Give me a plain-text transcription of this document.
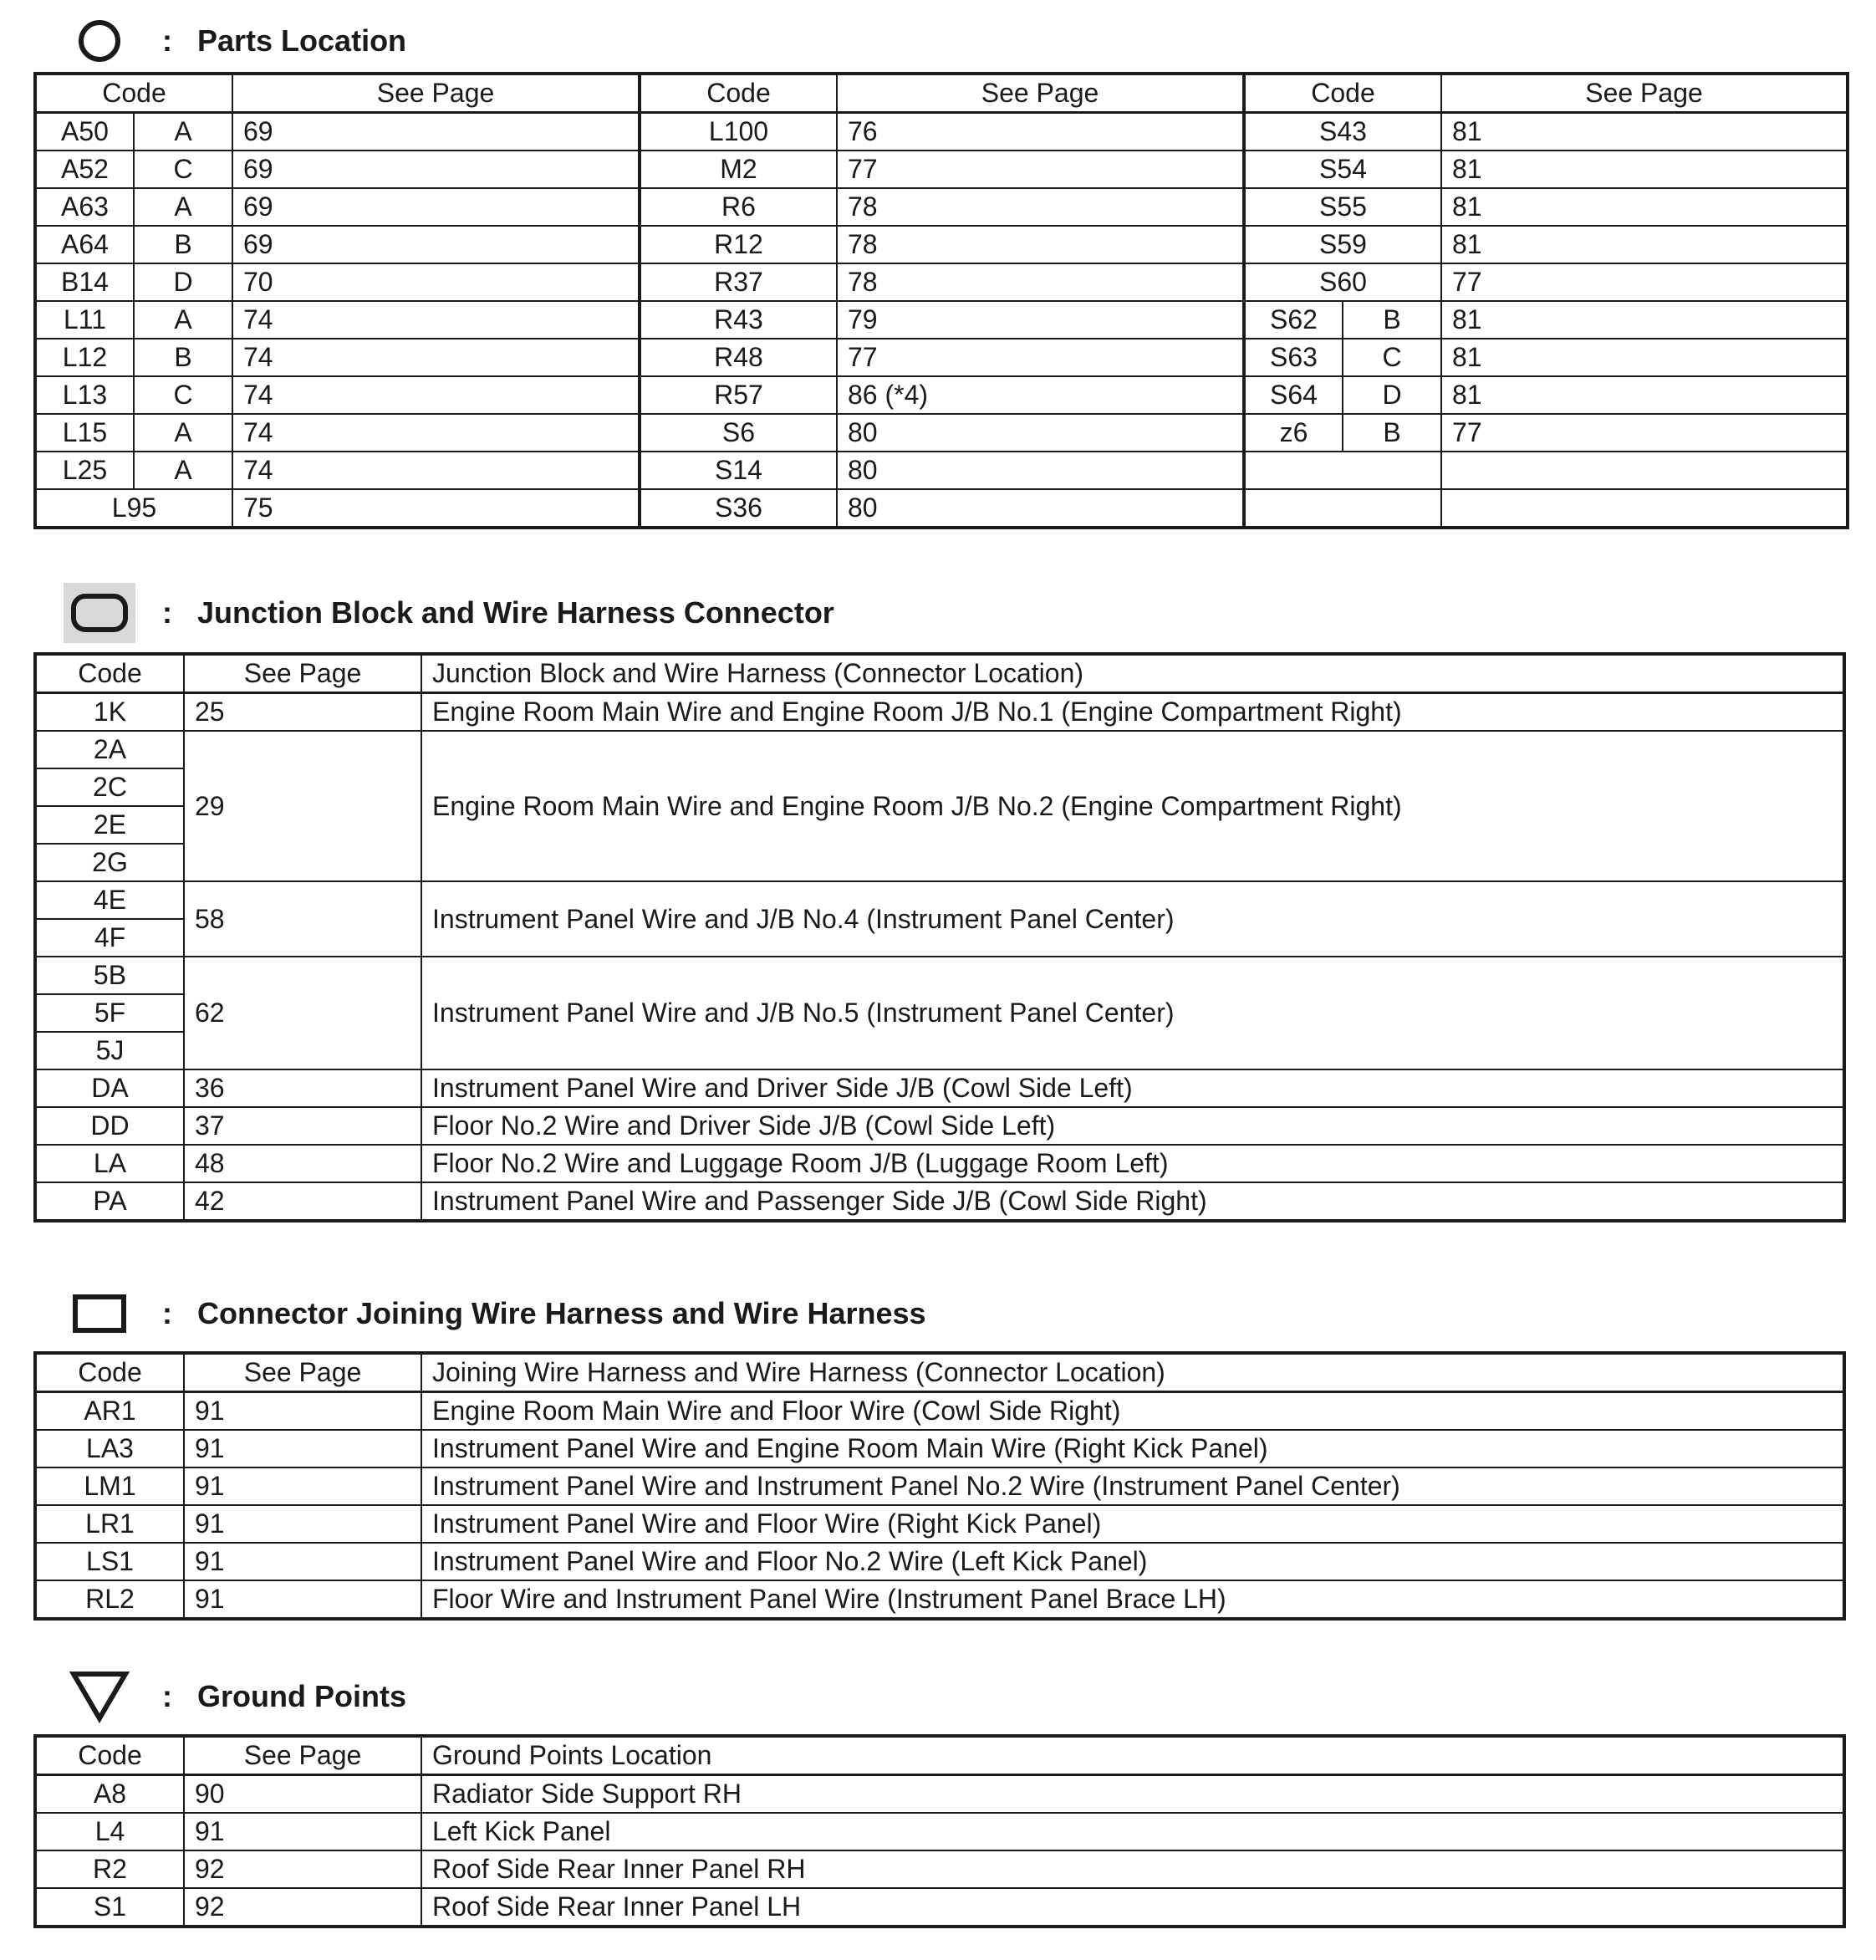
: Parts Location
Code		See Page	Code	See Page	Code		See Page
A50	A	69	L100	76	S43		81
A52	C	69	M2	77	S54		81
A63	A	69	R6	78	S55		81
A64	B	69	R12	78	S59		81
B14	D	70	R37	78	S60		77
L11	A	74	R43	79	S62	B	81
L12	B	74	R48	77	S63	C	81
L13	C	74	R57	86 (*4)	S64	D	81
L15	A	74	S6	80	z6	B	77
L25	A	74	S14	80			
L95		75	S36	80			
: Junction Block and Wire Harness Connector
Code	See Page	Junction Block and Wire Harness (Connector Location)
1K	25	Engine Room Main Wire and Engine Room J/B No.1 (Engine Compartment Right)
2A	29	Engine Room Main Wire and Engine Room J/B No.2 (Engine Compartment Right)
2C		
2E		
2G		
4E	58	Instrument Panel Wire and J/B No.4 (Instrument Panel Center)
4F		
5B	62	Instrument Panel Wire and J/B No.5 (Instrument Panel Center)
5F		
5J		
DA	36	Instrument Panel Wire and Driver Side J/B (Cowl Side Left)
DD	37	Floor No.2 Wire and Driver Side J/B (Cowl Side Left)
LA	48	Floor No.2 Wire and Luggage Room J/B (Luggage Room Left)
PA	42	Instrument Panel Wire and Passenger Side J/B (Cowl Side Right)
: Connector Joining Wire Harness and Wire Harness
Code	See Page	Joining Wire Harness and Wire Harness (Connector Location)
AR1	91	Engine Room Main Wire and Floor Wire (Cowl Side Right)
LA3	91	Instrument Panel Wire and Engine Room Main Wire (Right Kick Panel)
LM1	91	Instrument Panel Wire and Instrument Panel No.2 Wire (Instrument Panel Center)
LR1	91	Instrument Panel Wire and Floor Wire (Right Kick Panel)
LS1	91	Instrument Panel Wire and Floor No.2 Wire (Left Kick Panel)
RL2	91	Floor Wire and Instrument Panel Wire (Instrument Panel Brace LH)
: Ground Points
Code	See Page	Ground Points Location
A8	90	Radiator Side Support RH
L4	91	Left Kick Panel
R2	92	Roof Side Rear Inner Panel RH
S1	92	Roof Side Rear Inner Panel LH
